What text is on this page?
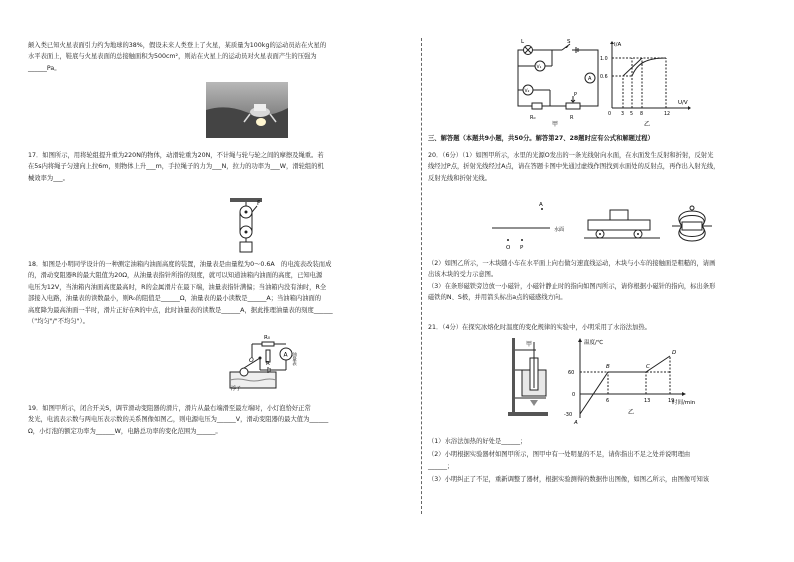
颠入类已知火星表面引力约为地球的38%，假设未来人类登上了火星，某质量为100kg的运动员站在火星的

水平表面上，鞋底与火星表面的总接触面积为500cm²，则站在火星上的运动员对火星表面产生的压强为

______Pa。

17．如图所示，用将轮组提升重为220N的物体，动滑轮重为20N，不计绳与轮与轮之间的摩擦及绳重。若

在5s内将绳子匀速向上拉6m，则物体上升___m，手拉绳子的力为___N，拉力的功率为___W，滑轮组的机

械效率为___。

F

18．如图是小明同学设计的一种测定油箱内油面高度的装置，油量表是由量程为0～0.6A　的电流表改装而成

的，滑动变阻器R的最大阻值为20Ω，从油量表指针所指的刻度，就可以知道油箱内油面的高度，已知电源

电压为12V，当油箱内油面高度最高时，R的金属滑片在最下端，油量表指针满偏；当油箱内没有油时，R全

部接入电路，油量表的读数最小，则R₀的阻值是______Ω，油量表的最小读数是______A；当油箱内油面的

高度降为最高油面一半时，滑片正好在R的中点，此时油量表的读数是______A，据此推理油量表的刻度______

（"均匀"/"不均匀"）。

A
R₀
R	油量表
浮子
O

19．如图甲所示，闭合开关S，调节滑动变阻器的滑片，滑片从最右端滑至最左端时，小灯泡恰好正常

发光，电流表示数与两电压表示数的关系图像如图乙，则电源电压为______V，滑动变阻器的最大值为______

Ω，小灯泡的额定功率为______W，电路总功率的变化范围为______。

L
V₁
S
A
V₂
R₀
P
R
甲
I/A
U/V
1.0
0.6
0 3 5 8	12
乙

三、解答题（本题共9小题，共50分。解答第27、28题时应有公式和解题过程）

20．（6分）（1）如图甲所示，水里的光源O发出的一条光线射向水面，在水面发生反射和折射，反射光

线经过P点，折射光线经过A点，请在答题卡图中先通过虚线作图找到水面处的反射点，再作出入射光线，

反射光线和折射光线。

A
水面
O P

（2）如图乙所示，一木块随小车在水平面上向右做匀速直线运动，木块与小车的接触面是粗糙的，请画

出该木块的受力示意图。

（3）在条形磁铁旁边放一小磁针，小磁针静止时的指向如图丙所示，请你根据小磁针的指向，标出条形

磁铁的N、S极，并用箭头标出a点的磁感线方向。

21．（4分）在探究冰熔化时温度的变化规律的实验中，小明采用了水浴法加热。

甲	温度/℃
时间/min
60
0
-30
6	13	19
A
B	C
D
乙

（1）水浴法加热的好处是______；

（2）小明根据实验器材如图甲所示，图甲中有一处明显的不足，请你指出不足之处并说明理由

______；

（3）小明纠正了不足，重新调整了器材，根据实验测得的数据作出图像，如图乙所示，由图像可知该
